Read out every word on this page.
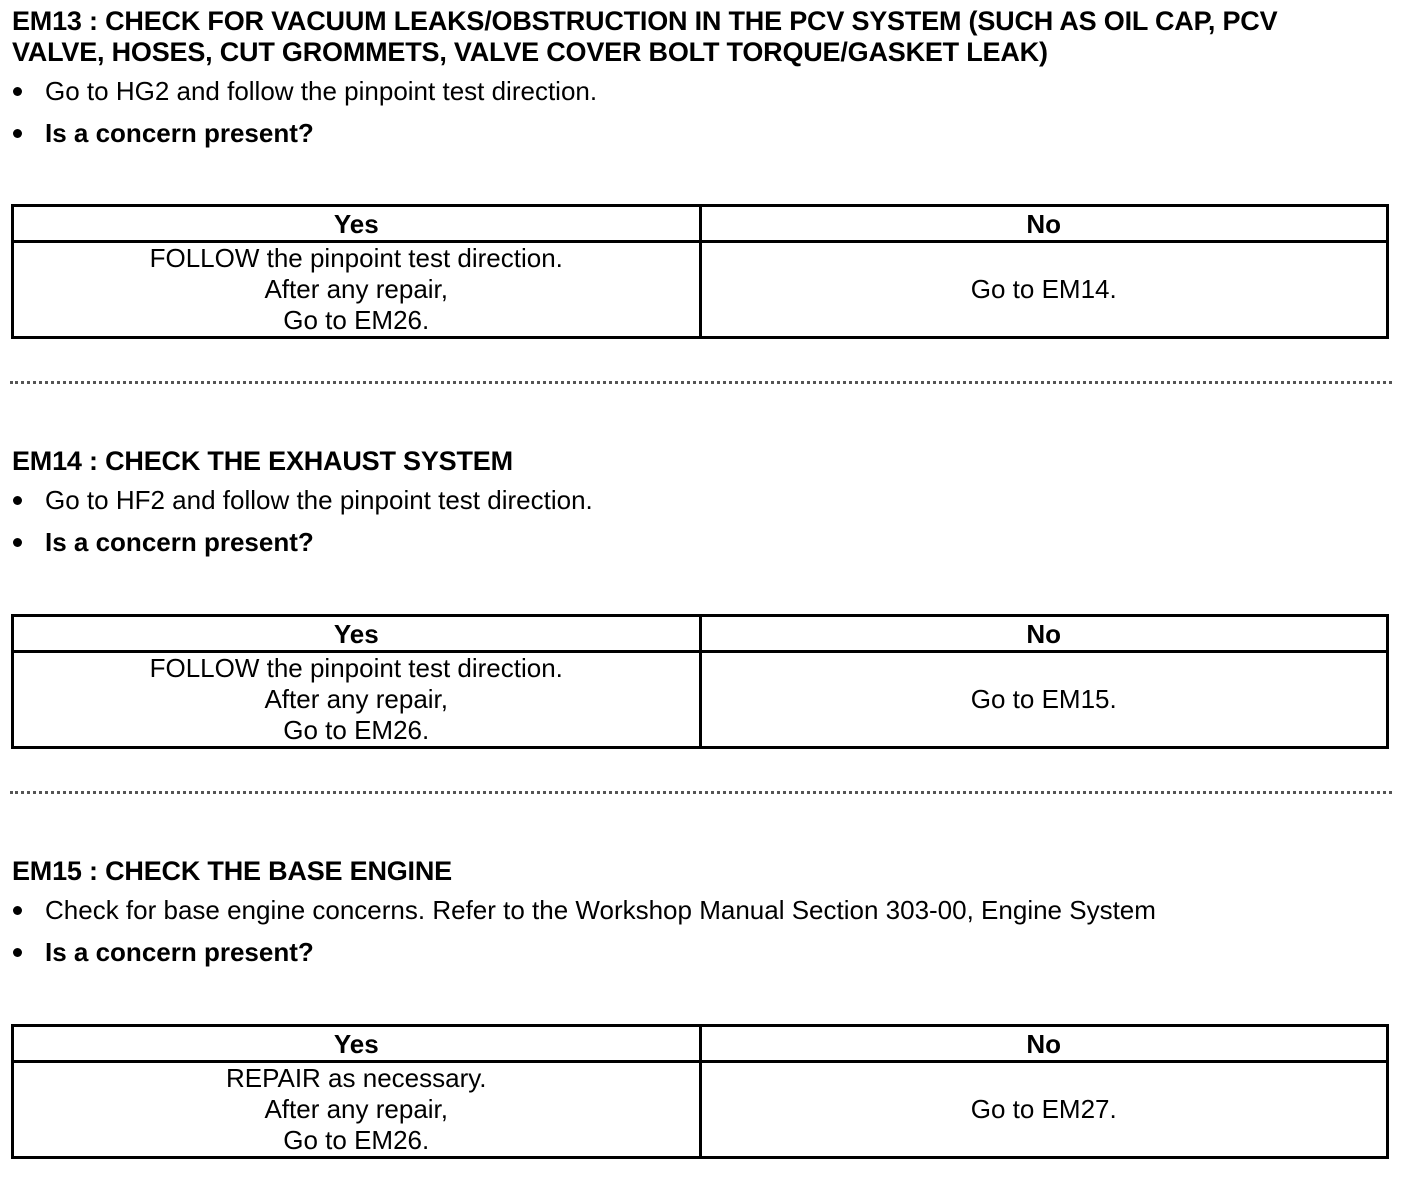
EM13 : CHECK FOR VACUUM LEAKS/OBSTRUCTION IN THE PCV SYSTEM (SUCH AS OIL CAP, PCV
VALVE, HOSES, CUT GROMMETS, VALVE COVER BOLT TORQUE/GASKET LEAK)
Go to HG2 and follow the pinpoint test direction.
Is a concern present?
Yes	No

FOLLOW the pinpoint test direction.
After any repair,
Go to EM26.	Go to EM14.
EM14 : CHECK THE EXHAUST SYSTEM
Go to HF2 and follow the pinpoint test direction.
Is a concern present?
Yes	No

FOLLOW the pinpoint test direction.
After any repair,
Go to EM26.	Go to EM15.
EM15 : CHECK THE BASE ENGINE
Check for base engine concerns. Refer to the Workshop Manual Section 303-00, Engine System
Is a concern present?
Yes	No

REPAIR as necessary.
After any repair,
Go to EM26.	Go to EM27.
